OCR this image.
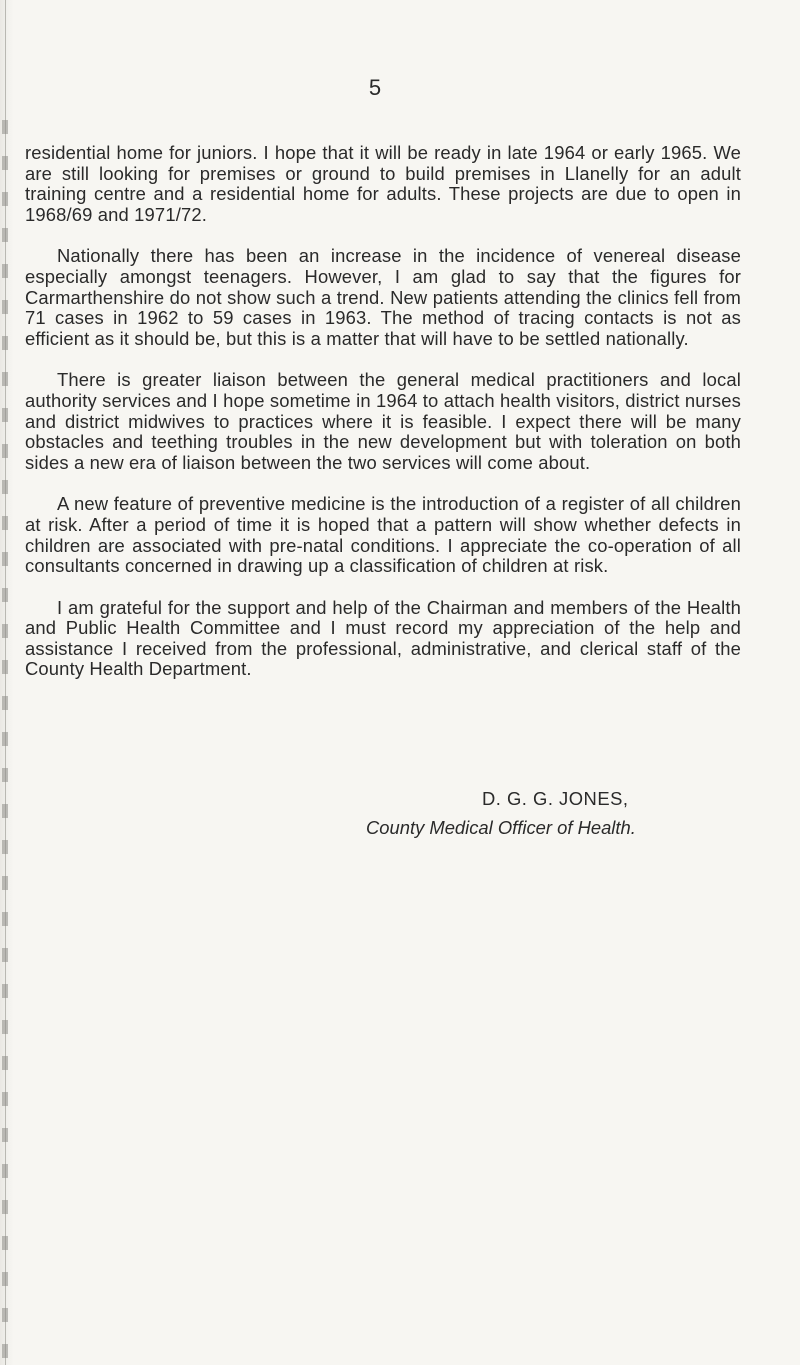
5

residential home for juniors. I hope that it will be ready in late 1964 or early 1965. We are still looking for premises or ground to build premises in Llanelly for an adult training centre and a residential home for adults. These projects are due to open in 1968/69 and 1971/72.

Nationally there has been an increase in the incidence of venereal disease especially amongst teenagers. However, I am glad to say that the figures for Carmarthenshire do not show such a trend. New patients attending the clinics fell from 71 cases in 1962 to 59 cases in 1963. The method of tracing contacts is not as efficient as it should be, but this is a matter that will have to be settled nationally.

There is greater liaison between the general medical practitioners and local authority services and I hope sometime in 1964 to attach health visitors, district nurses and district midwives to practices where it is feasible. I expect there will be many obstacles and teething troubles in the new development but with toleration on both sides a new era of liaison between the two services will come about.

A new feature of preventive medicine is the introduction of a register of all children at risk. After a period of time it is hoped that a pattern will show whether defects in children are associated with pre-natal conditions. I appreciate the co-operation of all consultants concerned in drawing up a classification of children at risk.

I am grateful for the support and help of the Chairman and members of the Health and Public Health Committee and I must record my appreciation of the help and assistance I received from the professional, administrative, and clerical staff of the County Health Department.

D. G. G. JONES,
County Medical Officer of Health.
